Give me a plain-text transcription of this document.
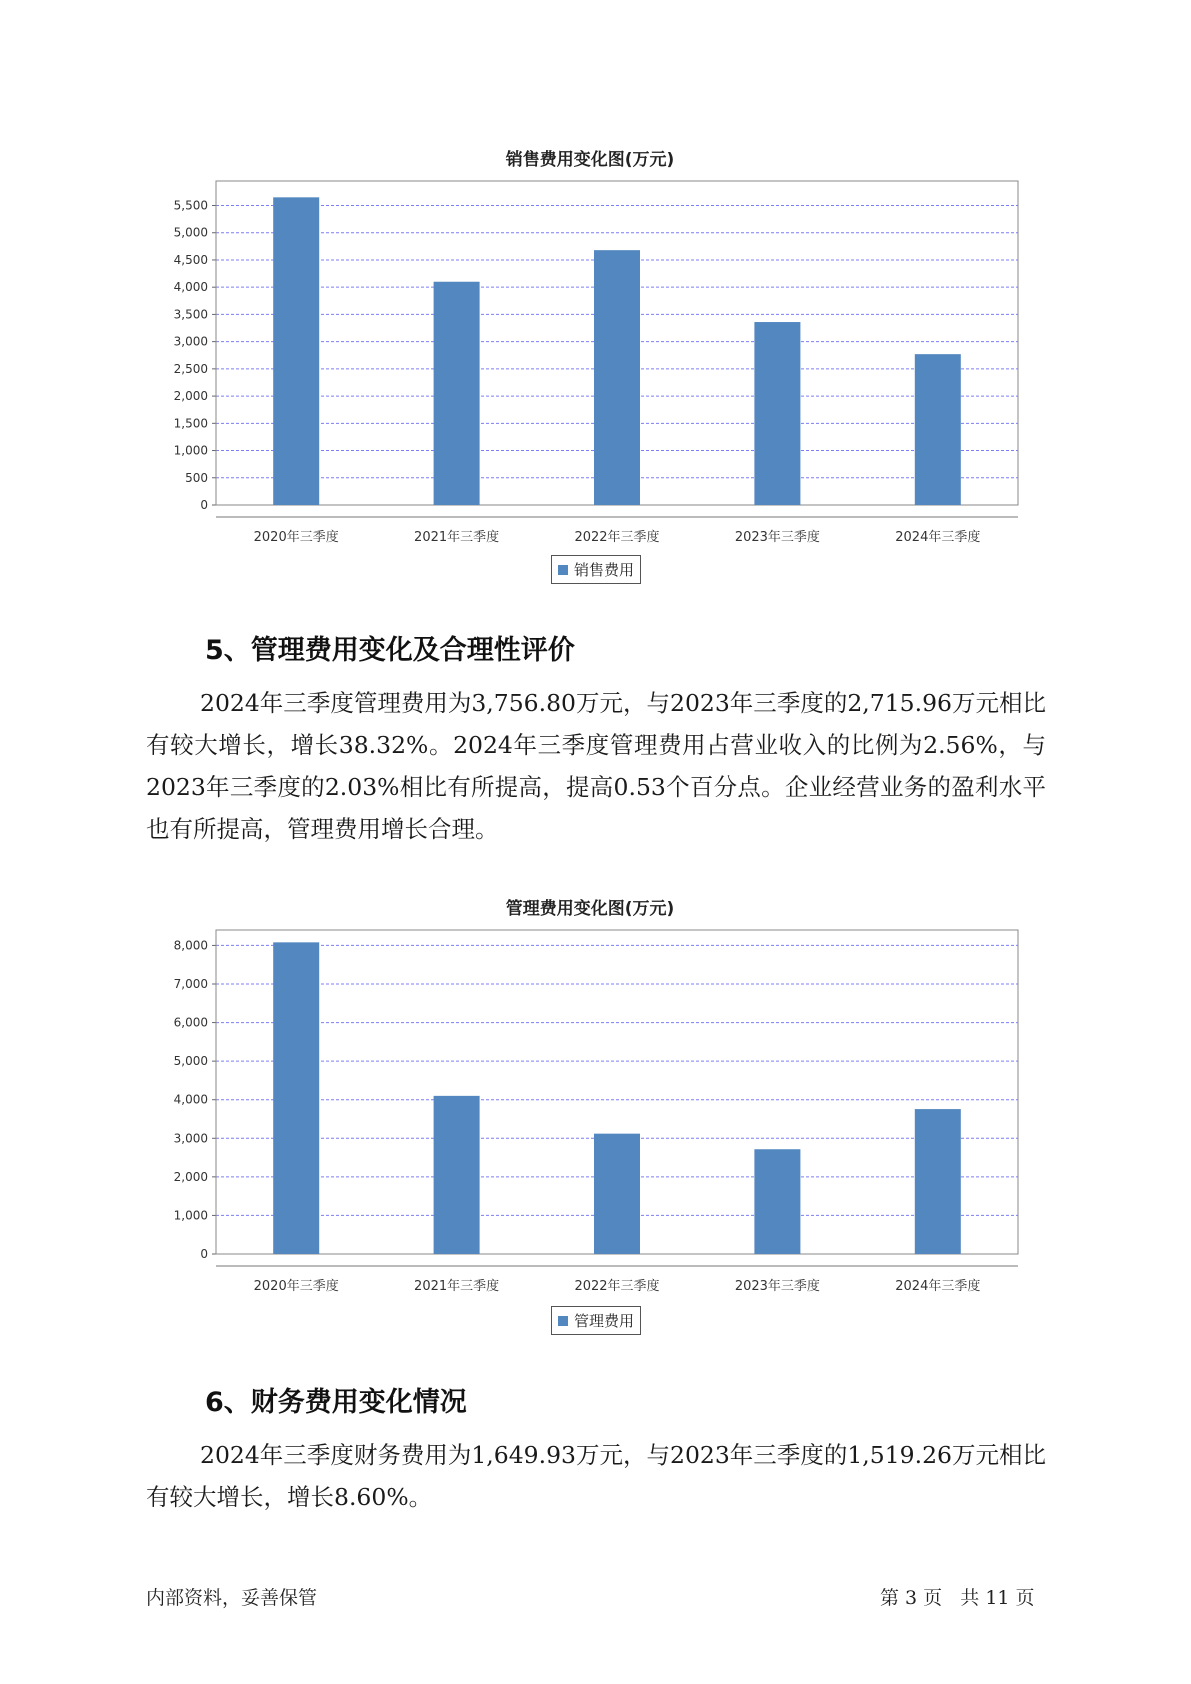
销售费用变化图(万元)
0
500
1,000
1,500
2,000
2,500
3,000
3,500
4,000
4,500
5,000
5,500
2020年三季度	2021年三季度	2022年三季度	2023年三季度	2024年三季度
销售费用
5、管理费用变化及合理性评价

2024年三季度管理费用为3,756.80万元，与2023年三季度的2,715.96万元相比有较大增长，增长38.32%。2024年三季度管理费用占营业收入的比例为2.56%，与2023年三季度的2.03%相比有所提高，提高0.53个百分点。企业经营业务的盈利水平也有所提高，管理费用增长合理。

管理费用变化图(万元)
0
1,000
2,000
3,000
4,000
5,000
6,000
7,000
8,000
2020年三季度	2021年三季度	2022年三季度	2023年三季度	2024年三季度
管理费用
6、财务费用变化情况

2024年三季度财务费用为1,649.93万元，与2023年三季度的1,519.26万元相比有较大增长，增长8.60%。

内部资料，妥善保管	第 3 页   共 11 页
